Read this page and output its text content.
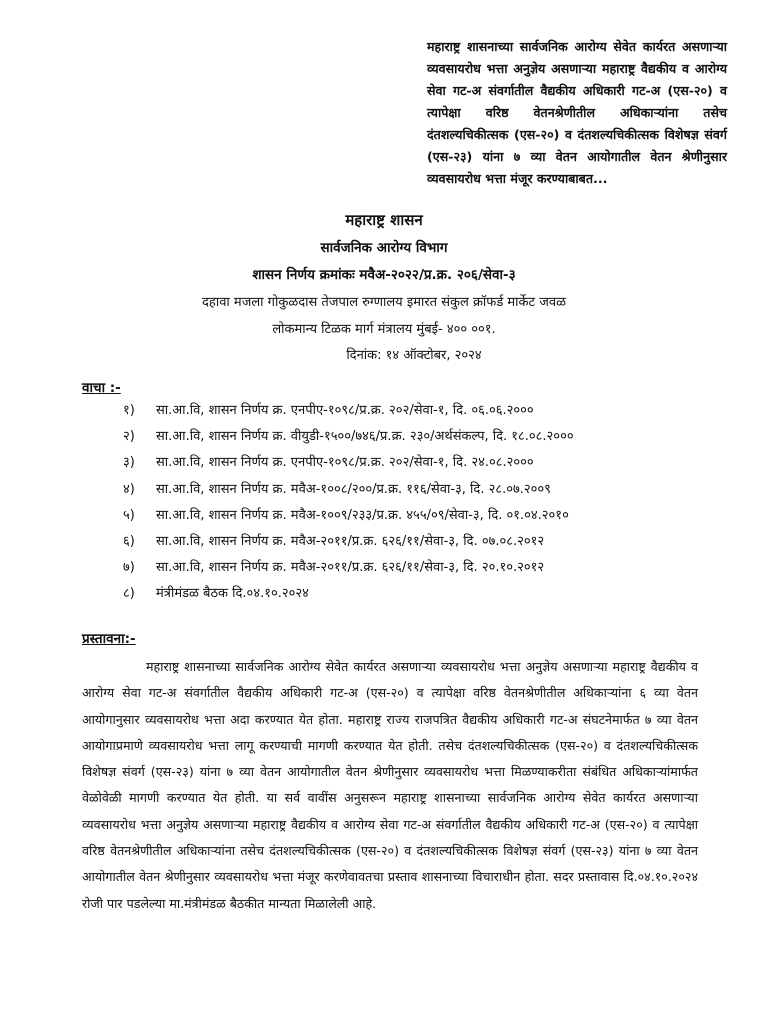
महाराष्ट्र शासनाच्या सार्वजनिक आरोग्य सेवेत कार्यरत असणाऱ्या व्यवसायरोध भत्ता अनुज्ञेय असणाऱ्या महाराष्ट्र वैद्यकीय व आरोग्य सेवा गट-अ संवर्गातील वैद्यकीय अधिकारी गट-अ (एस-२०) व त्यापेक्षा वरिष्ठ वेतनश्रेणीतील अधिकाऱ्यांना तसेच दंतशल्यचिकीत्सक (एस-२०) व दंतशल्यचिकीत्सक विशेषज्ञ संवर्ग (एस-२३) यांना ७ व्या वेतन आयोगातील वेतन श्रेणीनुसार व्यवसायरोध भत्ता मंजूर करण्याबाबत...
महाराष्ट्र शासन
सार्वजनिक आरोग्य विभाग
शासन निर्णय क्रमांकः मवैअ-२०२२/प्र.क्र. २०६/सेवा-३
दहावा मजला गोकुळदास तेजपाल रुग्णालय इमारत संकुल क्रॉफर्ड मार्केट जवळ
लोकमान्य टिळक मार्ग मंत्रालय मुंबई- ४०० ००१.
दिनांक: १४ ऑक्टोबर, २०२४
वाचा :-
१) सा.आ.वि, शासन निर्णय क्र. एनपीए-१०९८/प्र.क्र. २०२/सेवा-१, दि. ०६.०६.२०००
२) सा.आ.वि, शासन निर्णय क्र. वीयुडी-१५००/७४६/प्र.क्र. २३०/अर्थसंकल्प, दि. १८.०८.२०००
३) सा.आ.वि, शासन निर्णय क्र. एनपीए-१०९८/प्र.क्र. २०२/सेवा-१, दि. २४.०८.२०००
४) सा.आ.वि, शासन निर्णय क्र. मवैअ-१००८/२००/प्र.क्र. ११६/सेवा-३, दि. २८.०७.२००९
५) सा.आ.वि, शासन निर्णय क्र. मवैअ-१००९/२३३/प्र.क्र. ४५५/०९/सेवा-३, दि. ०१.०४.२०१०
६) सा.आ.वि, शासन निर्णय क्र. मवैअ-२०११/प्र.क्र. ६२६/११/सेवा-३, दि. ०७.०८.२०१२
७) सा.आ.वि, शासन निर्णय क्र. मवैअ-२०११/प्र.क्र. ६२६/११/सेवा-३, दि. २०.१०.२०१२
८) मंत्रीमंडळ बैठक दि.०४.१०.२०२४
प्रस्तावना:-

महाराष्ट्र शासनाच्या सार्वजनिक आरोग्य सेवेत कार्यरत असणाऱ्या व्यवसायरोध भत्ता अनुज्ञेय असणाऱ्या महाराष्ट्र वैद्यकीय व आरोग्य सेवा गट-अ संवर्गातील वैद्यकीय अधिकारी गट-अ (एस-२०) व त्यापेक्षा वरिष्ठ वेतनश्रेणीतील अधिकाऱ्यांना ६ व्या वेतन आयोगानुसार व्यवसायरोध भत्ता अदा करण्यात येत होता. महाराष्ट्र राज्य राजपत्रित वैद्यकीय अधिकारी गट-अ संघटनेमार्फत ७ व्या वेतन आयोगाप्रमाणे व्यवसायरोध भत्ता लागू करण्याची मागणी करण्यात येत होती. तसेच दंतशल्यचिकीत्सक (एस-२०) व दंतशल्यचिकीत्सक विशेषज्ञ संवर्ग (एस-२३) यांना ७ व्या वेतन आयोगातील वेतन श्रेणीनुसार व्यवसायरोध भत्ता मिळण्याकरीता संबंधित अधिकाऱ्यांमार्फत वेळोवेळी मागणी करण्यात येत होती. या सर्व वावींस अनुसरून महाराष्ट्र शासनाच्या सार्वजनिक आरोग्य सेवेत कार्यरत असणाऱ्या व्यवसायरोध भत्ता अनुज्ञेय असणाऱ्या महाराष्ट्र वैद्यकीय व आरोग्य सेवा गट-अ संवर्गातील वैद्यकीय अधिकारी गट-अ (एस-२०) व त्यापेक्षा वरिष्ठ वेतनश्रेणीतील अधिकाऱ्यांना तसेच दंतशल्यचिकीत्सक (एस-२०) व दंतशल्यचिकीत्सक विशेषज्ञ संवर्ग (एस-२३) यांना ७ व्या वेतन आयोगातील वेतन श्रेणीनुसार व्यवसायरोध भत्ता मंजूर करणेवावतचा प्रस्ताव शासनाच्या विचाराधीन होता. सदर प्रस्तावास दि.०४.१०.२०२४ रोजी पार पडलेल्या मा.मंत्रीमंडळ बैठकीत मान्यता मिळालेली आहे.
